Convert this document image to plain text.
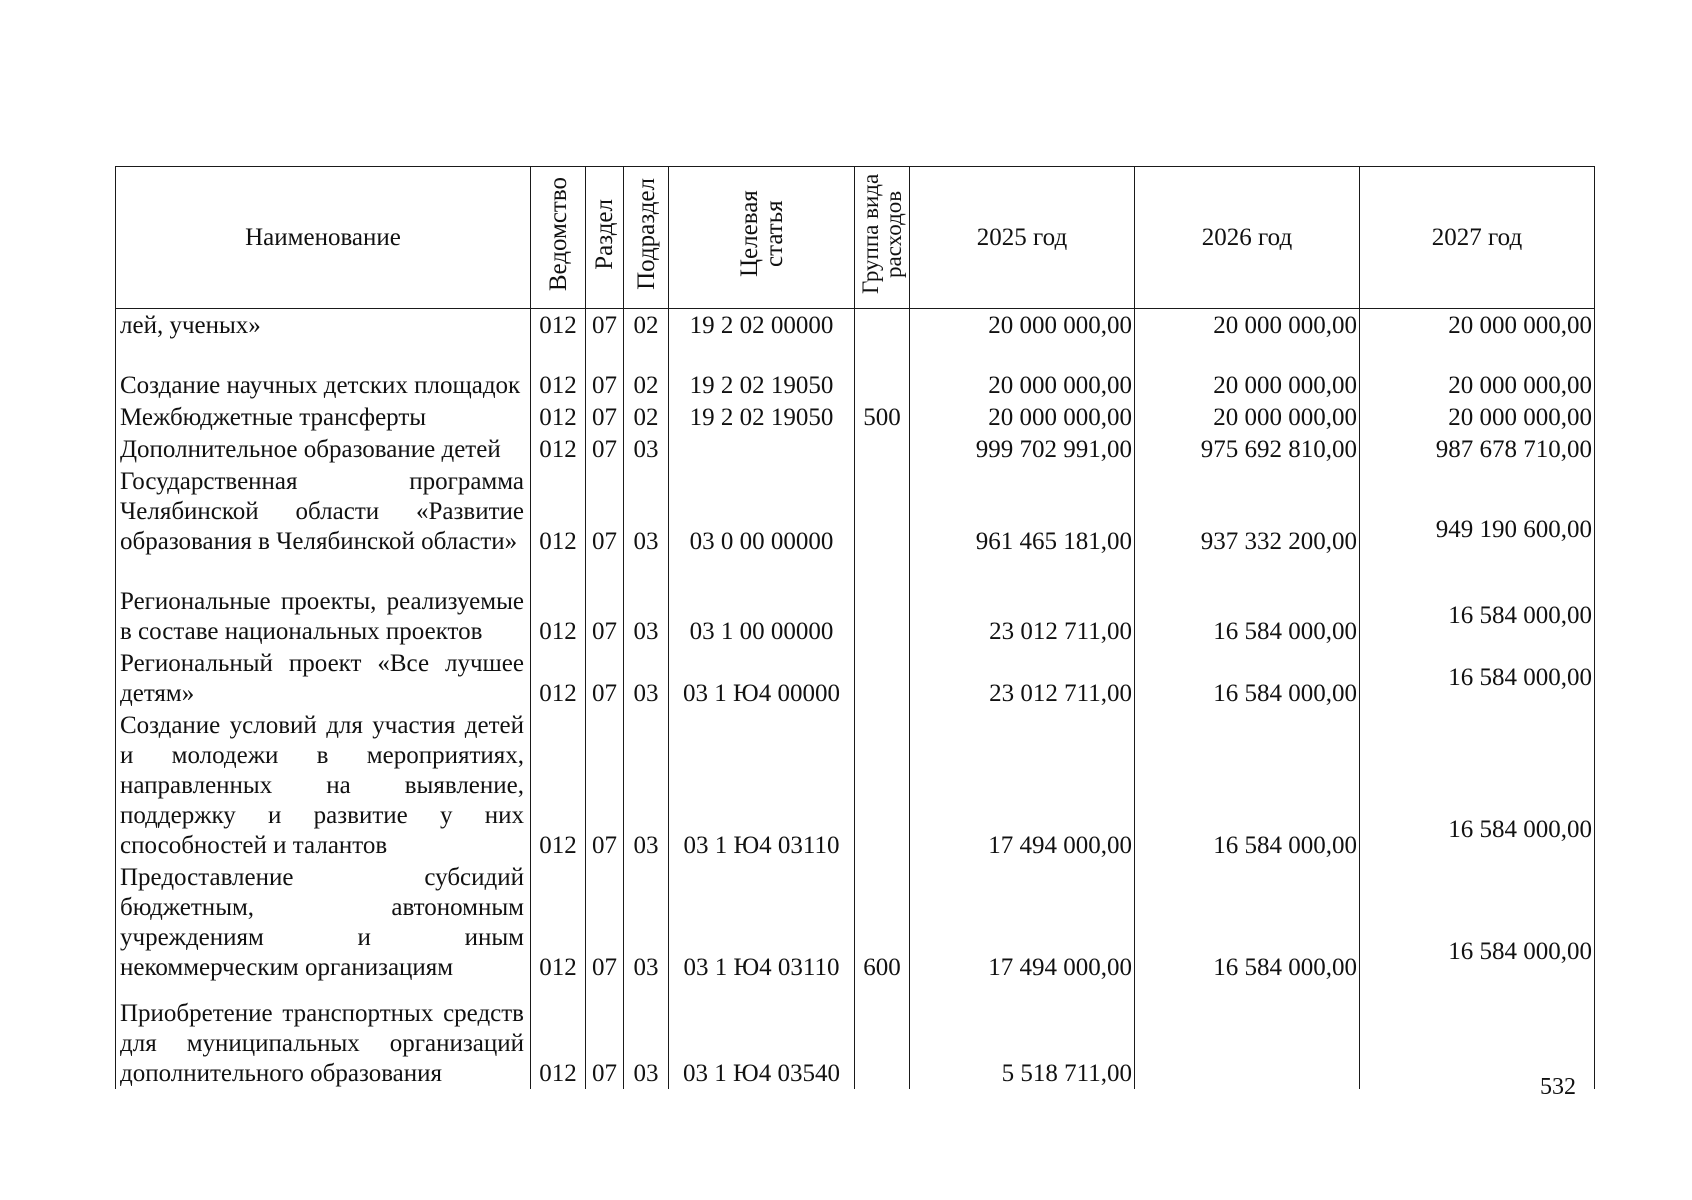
Наименование	Ведомство	Раздел	Подраздел	Целевая статья	Группа вида расходов	2025 год	2026 год	2027 год
лей, ученых»	012	07	02	19 2 02 00000		20 000 000,00	20 000 000,00	20 000 000,00
Создание научных детских площадок	012	07	02	19 2 02 19050		20 000 000,00	20 000 000,00	20 000 000,00
Межбюджетные трансферты	012	07	02	19 2 02 19050	500	20 000 000,00	20 000 000,00	20 000 000,00
Дополнительное образование детей	012	07	03			999 702 991,00	975 692 810,00	987 678 710,00
Государственная программа Челябинской области «Развитие образования в Челябинской области»	012	07	03	03 0 00 00000		961 465 181,00	937 332 200,00	949 190 600,00
Региональные проекты, реализуемые в составе национальных проектов	012	07	03	03 1 00 00000		23 012 711,00	16 584 000,00	16 584 000,00
Региональный проект «Все лучшее детям»	012	07	03	03 1 Ю4 00000		23 012 711,00	16 584 000,00	16 584 000,00
Создание условий для участия детей и молодежи в мероприятиях, направленных на выявление, поддержку и развитие у них способностей и талантов	012	07	03	03 1 Ю4 03110		17 494 000,00	16 584 000,00	16 584 000,00
Предоставление субсидий бюджетным, автономным учреждениям и иным некоммерческим организациям	012	07	03	03 1 Ю4 03110	600	17 494 000,00	16 584 000,00	16 584 000,00
Приобретение транспортных средств для муниципальных организаций дополнительного образования	012	07	03	03 1 Ю4 03540		5 518 711,00			532
